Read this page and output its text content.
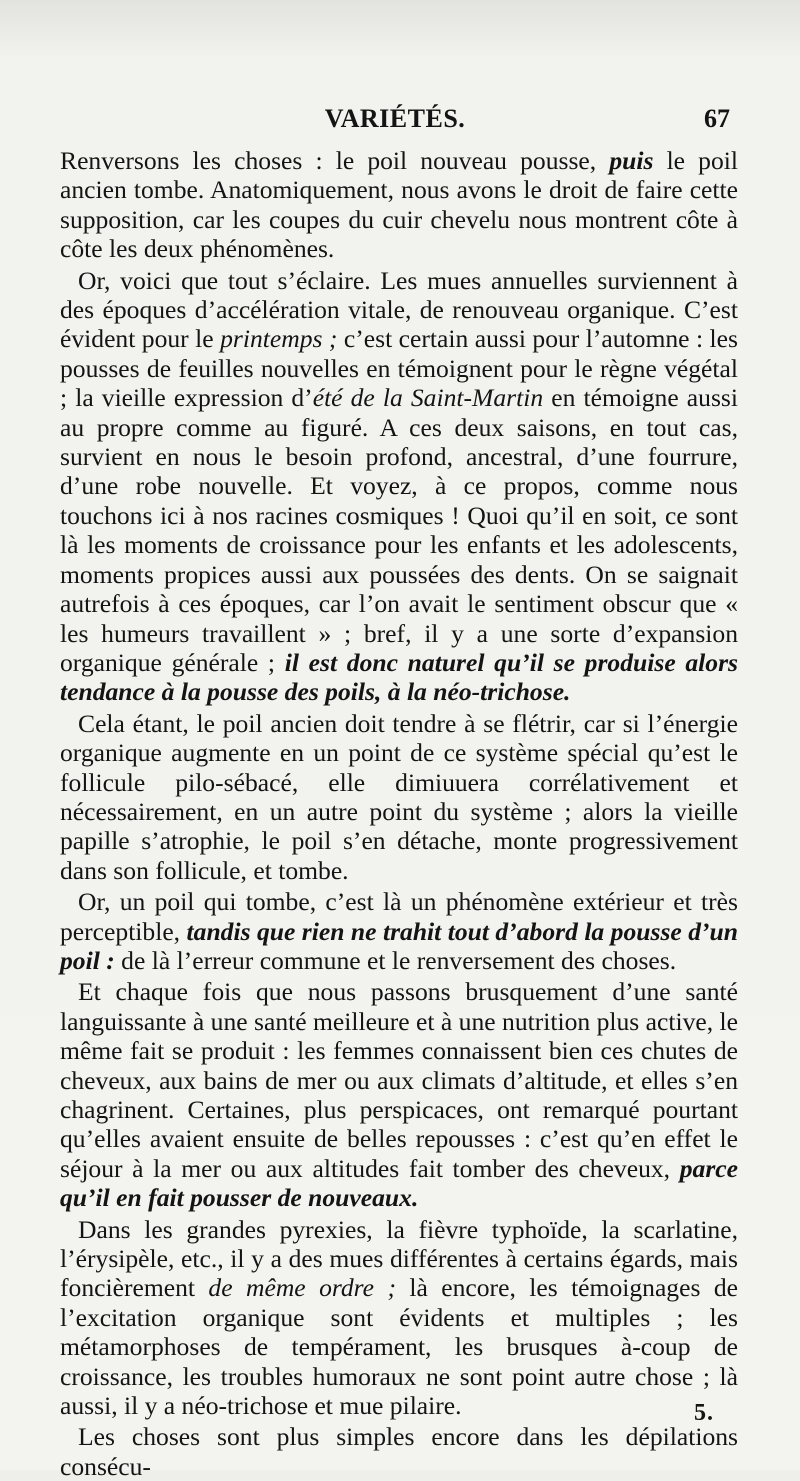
VARIÉTÉS.	67

Renversons les choses : le poil nouveau pousse, puis le poil ancien tombe. Anatomiquement, nous avons le droit de faire cette supposition, car les coupes du cuir chevelu nous montrent côte à côte les deux phénomènes.

Or, voici que tout s’éclaire. Les mues annuelles surviennent à des époques d’accélération vitale, de renouveau organique. C’est évident pour le printemps ; c’est certain aussi pour l’automne : les pousses de feuilles nouvelles en témoignent pour le règne végétal ; la vieille expression d’été de la Saint-Martin en témoigne aussi au propre comme au figuré. A ces deux saisons, en tout cas, survient en nous le besoin profond, ancestral, d’une fourrure, d’une robe nouvelle. Et voyez, à ce propos, comme nous touchons ici à nos racines cosmiques ! Quoi qu’il en soit, ce sont là les moments de croissance pour les enfants et les adolescents, moments propices aussi aux poussées des dents. On se saignait autrefois à ces époques, car l’on avait le sentiment obscur que « les humeurs travaillent » ; bref, il y a une sorte d’expansion organique générale ; il est donc naturel qu’il se produise alors tendance à la pousse des poils, à la néo-trichose.

Cela étant, le poil ancien doit tendre à se flétrir, car si l’énergie organique augmente en un point de ce système spécial qu’est le follicule pilo-sébacé, elle dimiuuera corrélativement et nécessairement, en un autre point du système ; alors la vieille papille s’atrophie, le poil s’en détache, monte progressivement dans son follicule, et tombe.

Or, un poil qui tombe, c’est là un phénomène extérieur et très perceptible, tandis que rien ne trahit tout d’abord la pousse d’un poil : de là l’erreur commune et le renversement des choses.

Et chaque fois que nous passons brusquement d’une santé languissante à une santé meilleure et à une nutrition plus active, le même fait se produit : les femmes connaissent bien ces chutes de cheveux, aux bains de mer ou aux climats d’altitude, et elles s’en chagrinent. Certaines, plus perspicaces, ont remarqué pourtant qu’elles avaient ensuite de belles repousses : c’est qu’en effet le séjour à la mer ou aux altitudes fait tomber des cheveux, parce qu’il en fait pousser de nouveaux.

Dans les grandes pyrexies, la fièvre typhoïde, la scarlatine, l’érysipèle, etc., il y a des mues différentes à certains égards, mais foncièrement de même ordre ; là encore, les témoignages de l’excitation organique sont évidents et multiples ; les métamorphoses de tempérament, les brusques à-coup de croissance, les troubles humoraux ne sont point autre chose ; là aussi, il y a néo-trichose et mue pilaire.

Les choses sont plus simples encore dans les dépilations consécu-

5.
